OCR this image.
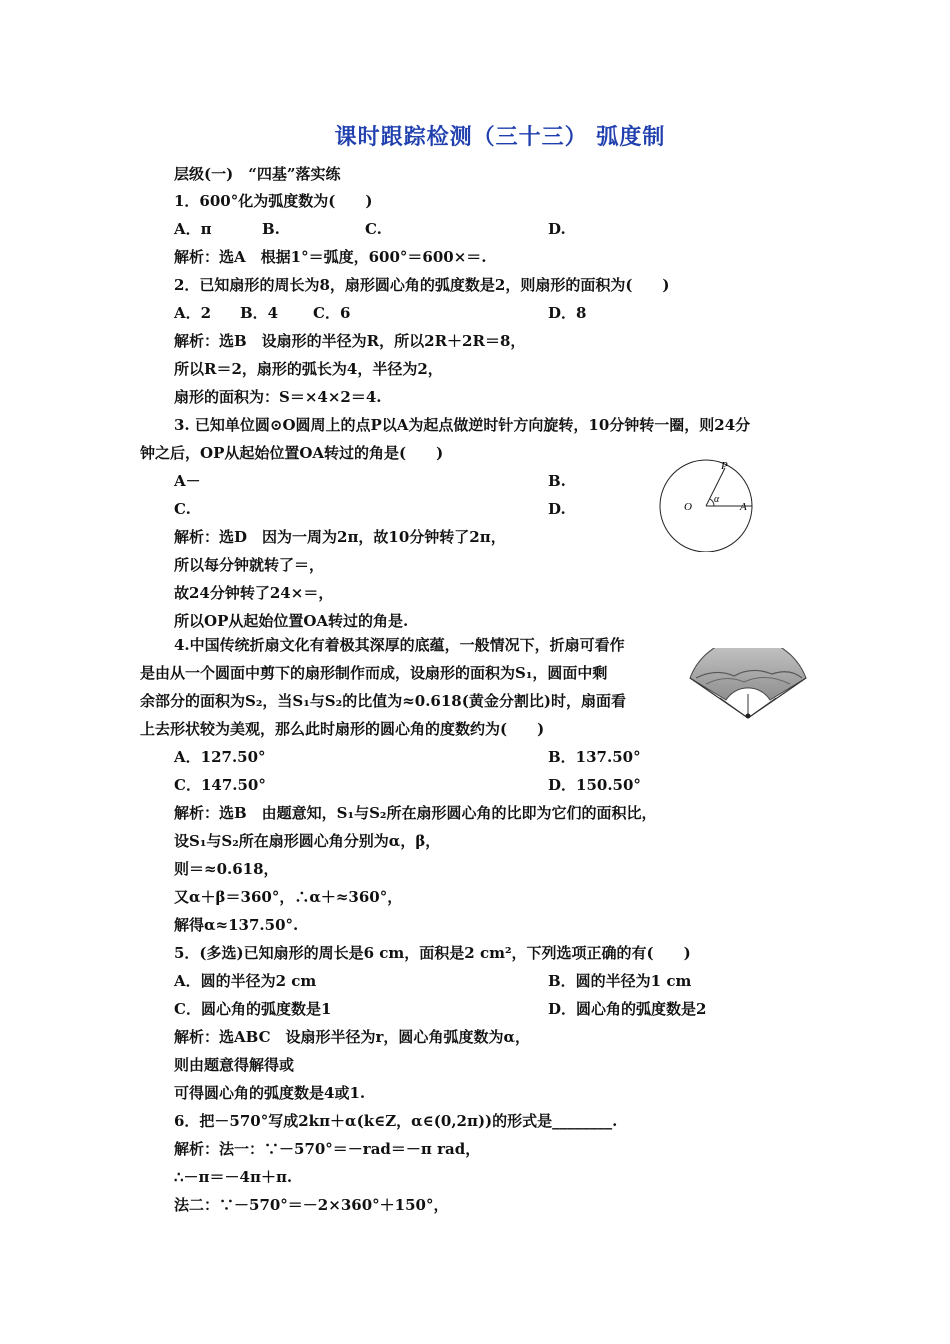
课时跟踪检测（三十三） 弧度制
层级(一)　“四基”落实练
1．600°化为弧度数为(　　)
A．π	B.	C.	D.
解析：选A　根据1°＝弧度，600°＝600×＝.
2．已知扇形的周长为8，扇形圆心角的弧度数是2，则扇形的面积为(　　)
A．2 B．4 C．6	D．8
解析：选B　设扇形的半径为R，所以2R＋2R＝8，
所以R＝2，扇形的弧长为4，半径为2，
扇形的面积为：S＝×4×2＝4.
3. 已知单位圆⊙O圆周上的点P以A为起点做逆时针方向旋转，10分钟转一圈，则24分
钟之后，OP从起始位置OA转过的角是(　　)
A－	B.
C.	D.
P
O	A
α
解析：选D　因为一周为2π，故10分钟转了2π，
所以每分钟就转了＝，
故24分钟转了24×＝，
所以OP从起始位置OA转过的角是.
4.中国传统折扇文化有着极其深厚的底蕴，一般情况下，折扇可看作
是由从一个圆面中剪下的扇形制作而成，设扇形的面积为S₁，圆面中剩
余部分的面积为S₂，当S₁与S₂的比值为≈0.618(黄金分割比)时，扇面看
上去形状较为美观，那么此时扇形的圆心角的度数约为(　　)
A．127.50°	B．137.50°
C．147.50°	D．150.50°
解析：选B　由题意知，S₁与S₂所在扇形圆心角的比即为它们的面积比，
设S₁与S₂所在扇形圆心角分别为α，β，
则＝≈0.618，
又α＋β＝360°，∴α＋≈360°，
解得α≈137.50°.
5．(多选)已知扇形的周长是6 cm，面积是2 cm²，下列选项正确的有(　　)
A．圆的半径为2 cm	B．圆的半径为1 cm
C．圆心角的弧度数是1	D．圆心角的弧度数是2
解析：选ABC　设扇形半径为r，圆心角弧度数为α，
则由题意得解得或
可得圆心角的弧度数是4或1.
6．把－570°写成2kπ＋α(k∈Z，α∈(0,2π))的形式是________.
解析：法一：∵－570°＝－rad＝－π rad，
∴－π＝－4π＋π.
法二：∵－570°＝－2×360°＋150°，
